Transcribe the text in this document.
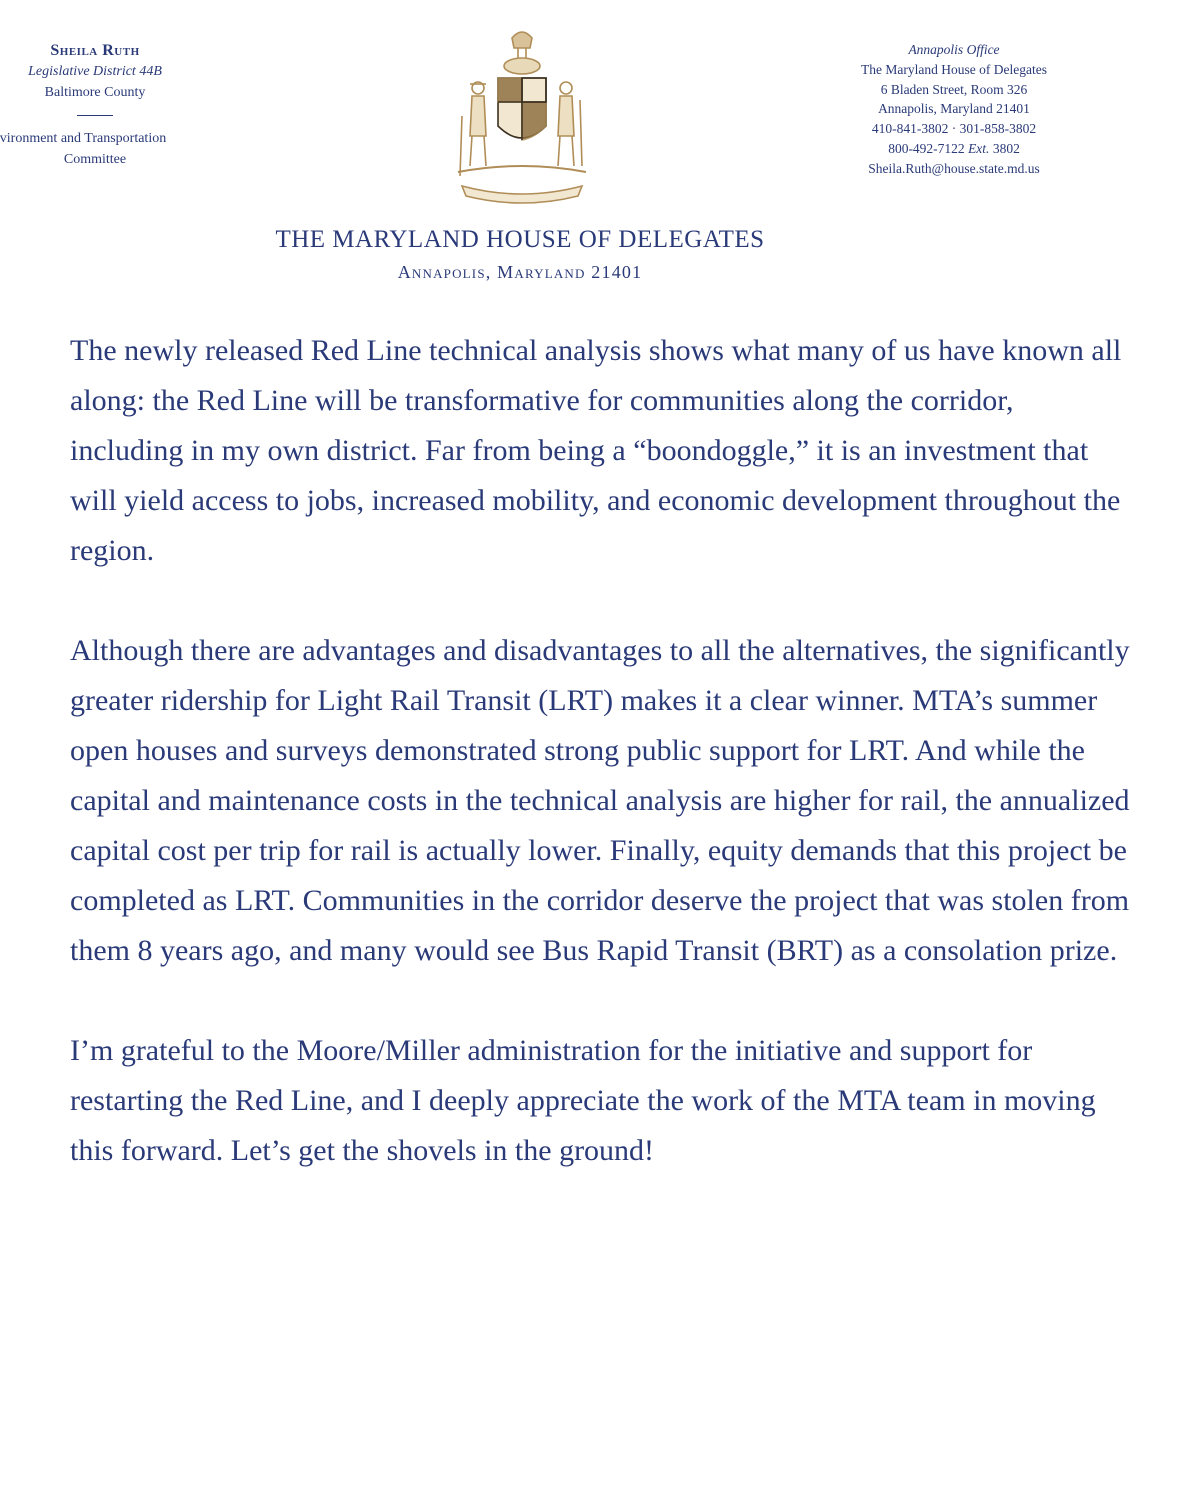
Sheila Ruth
Legislative District 44B
Baltimore County
vironment and Transportation
Committee
Annapolis Office
The Maryland House of Delegates
6 Bladen Street, Room 326
Annapolis, Maryland 21401
410-841-3802 · 301-858-3802
800-492-7122 Ext. 3802
Sheila.Ruth@house.state.md.us
THE MARYLAND HOUSE OF DELEGATES
Annapolis, Maryland 21401

The newly released Red Line technical analysis shows what many of us have known all along: the Red Line will be transformative for communities along the corridor, including in my own district. Far from being a “boondoggle,” it is an investment that will yield access to jobs, increased mobility, and economic development throughout the region.

Although there are advantages and disadvantages to all the alternatives, the significantly greater ridership for Light Rail Transit (LRT) makes it a clear winner. MTA’s summer open houses and surveys demonstrated strong public support for LRT. And while the capital and maintenance costs in the technical analysis are higher for rail, the annualized capital cost per trip for rail is actually lower. Finally, equity demands that this project be completed as LRT. Communities in the corridor deserve the project that was stolen from them 8 years ago, and many would see Bus Rapid Transit (BRT) as a consolation prize.

I’m grateful to the Moore/Miller administration for the initiative and support for restarting the Red Line, and I deeply appreciate the work of the MTA team in moving this forward. Let’s get the shovels in the ground!
